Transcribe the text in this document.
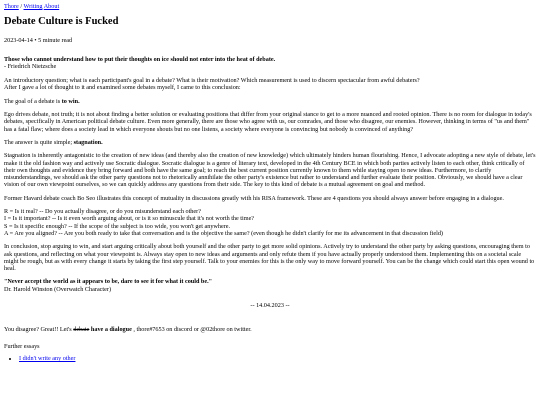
Thore / Writing About
Debate Culture is Fucked

2023-04-14 • 5 minute read

Those who cannot understand how to put their thoughts on ice should not enter into the heat of debate.
- Friedrich Nietzsche
An introductory question; what is each participant's goal in a debate? What is their motivation? Which measurement is used to discern spectacular from awful debaters?
After I gave a lot of thought to it and examined some debates myself, I came to this conclusion:

The goal of a debate is to win.

Ego drives debate, not truth; it is not about finding a better solution or evaluating positions that differ from your original stance to get to a more nuanced and rooted opinion. There is no room for dialogue in today's debates, specifically in American political debate culture. Even more generally, there are those who agree with us, our comrades, and those who disagree, our enemies. However, thinking in terms of "us and them" has a fatal flaw; where does a society lead in which everyone shouts but no one listens, a society where everyone is convincing but nobody is convinced of anything?

The answer is quite simple; stagnation.

Stagnation is inherently antagonistic to the creation of new ideas (and thereby also the creation of new knowledge) which ultimately hinders human flourishing. Hence, I advocate adopting a new style of debate, let's make it the old fashion way and actively use Socratic dialogue. Socratic dialogue is a genre of literary text, developed in the 4th Century BCE in which both parties actively listen to each other, think critically of their own thoughts and evidence they bring forward and both have the same goal; to reach the best current position currently known to them while staying open to new ideas. Furthermore, to clarify misunderstandings, we should ask the other party questions not to rhetorically annihilate the other party's existence but rather to understand and further evaluate their position. Obviously, we should have a clear vision of our own viewpoint ourselves, so we can quickly address any questions from their side. The key to this kind of debate is a mutual agreement on goal and method.

Former Havard debate coach Bo Seo illustrates this concept of mutuality in discussions greatly with his RISA framework. These are 4 questions you should always answer before engaging in a dialogue.

R = Is it real? -- Do you actually disagree, or do you misunderstand each other?
I = Is it important? -- Is it even worth arguing about, or is it so minuscule that it's not worth the time?
S = Is it specific enough? -- If the scope of the subject is too wide, you won't get anywhere.
A = Are you aligned? -- Are you both ready to take that conversation and is the objective the same? (even though he didn't clarify for me its advancement in that discussion field)

In conclusion, stop arguing to win, and start arguing critically about both yourself and the other party to get more solid opinions. Actively try to understand the other party by asking questions, encouraging them to ask questions, and reflecting on what your viewpoint is. Always stay open to new ideas and arguments and only refute them if you have actually properly understood them. Implementing this on a societal scale might be rough, but as with every change it starts by taking the first step yourself. Talk to your enemies for this is the only way to move forward yourself. You can be the change which could start this open wound to heal.

"Never accept the world as it appears to be, dare to see it for what it could be."
Dr. Harold Winston (Overwatch Character)

-- 14.04.2023 --

You disagree? Great!! Let's debate have a dialogue , thore#7653 on discord or @02thore on twitter.

Further essays

• I didn't write any other
